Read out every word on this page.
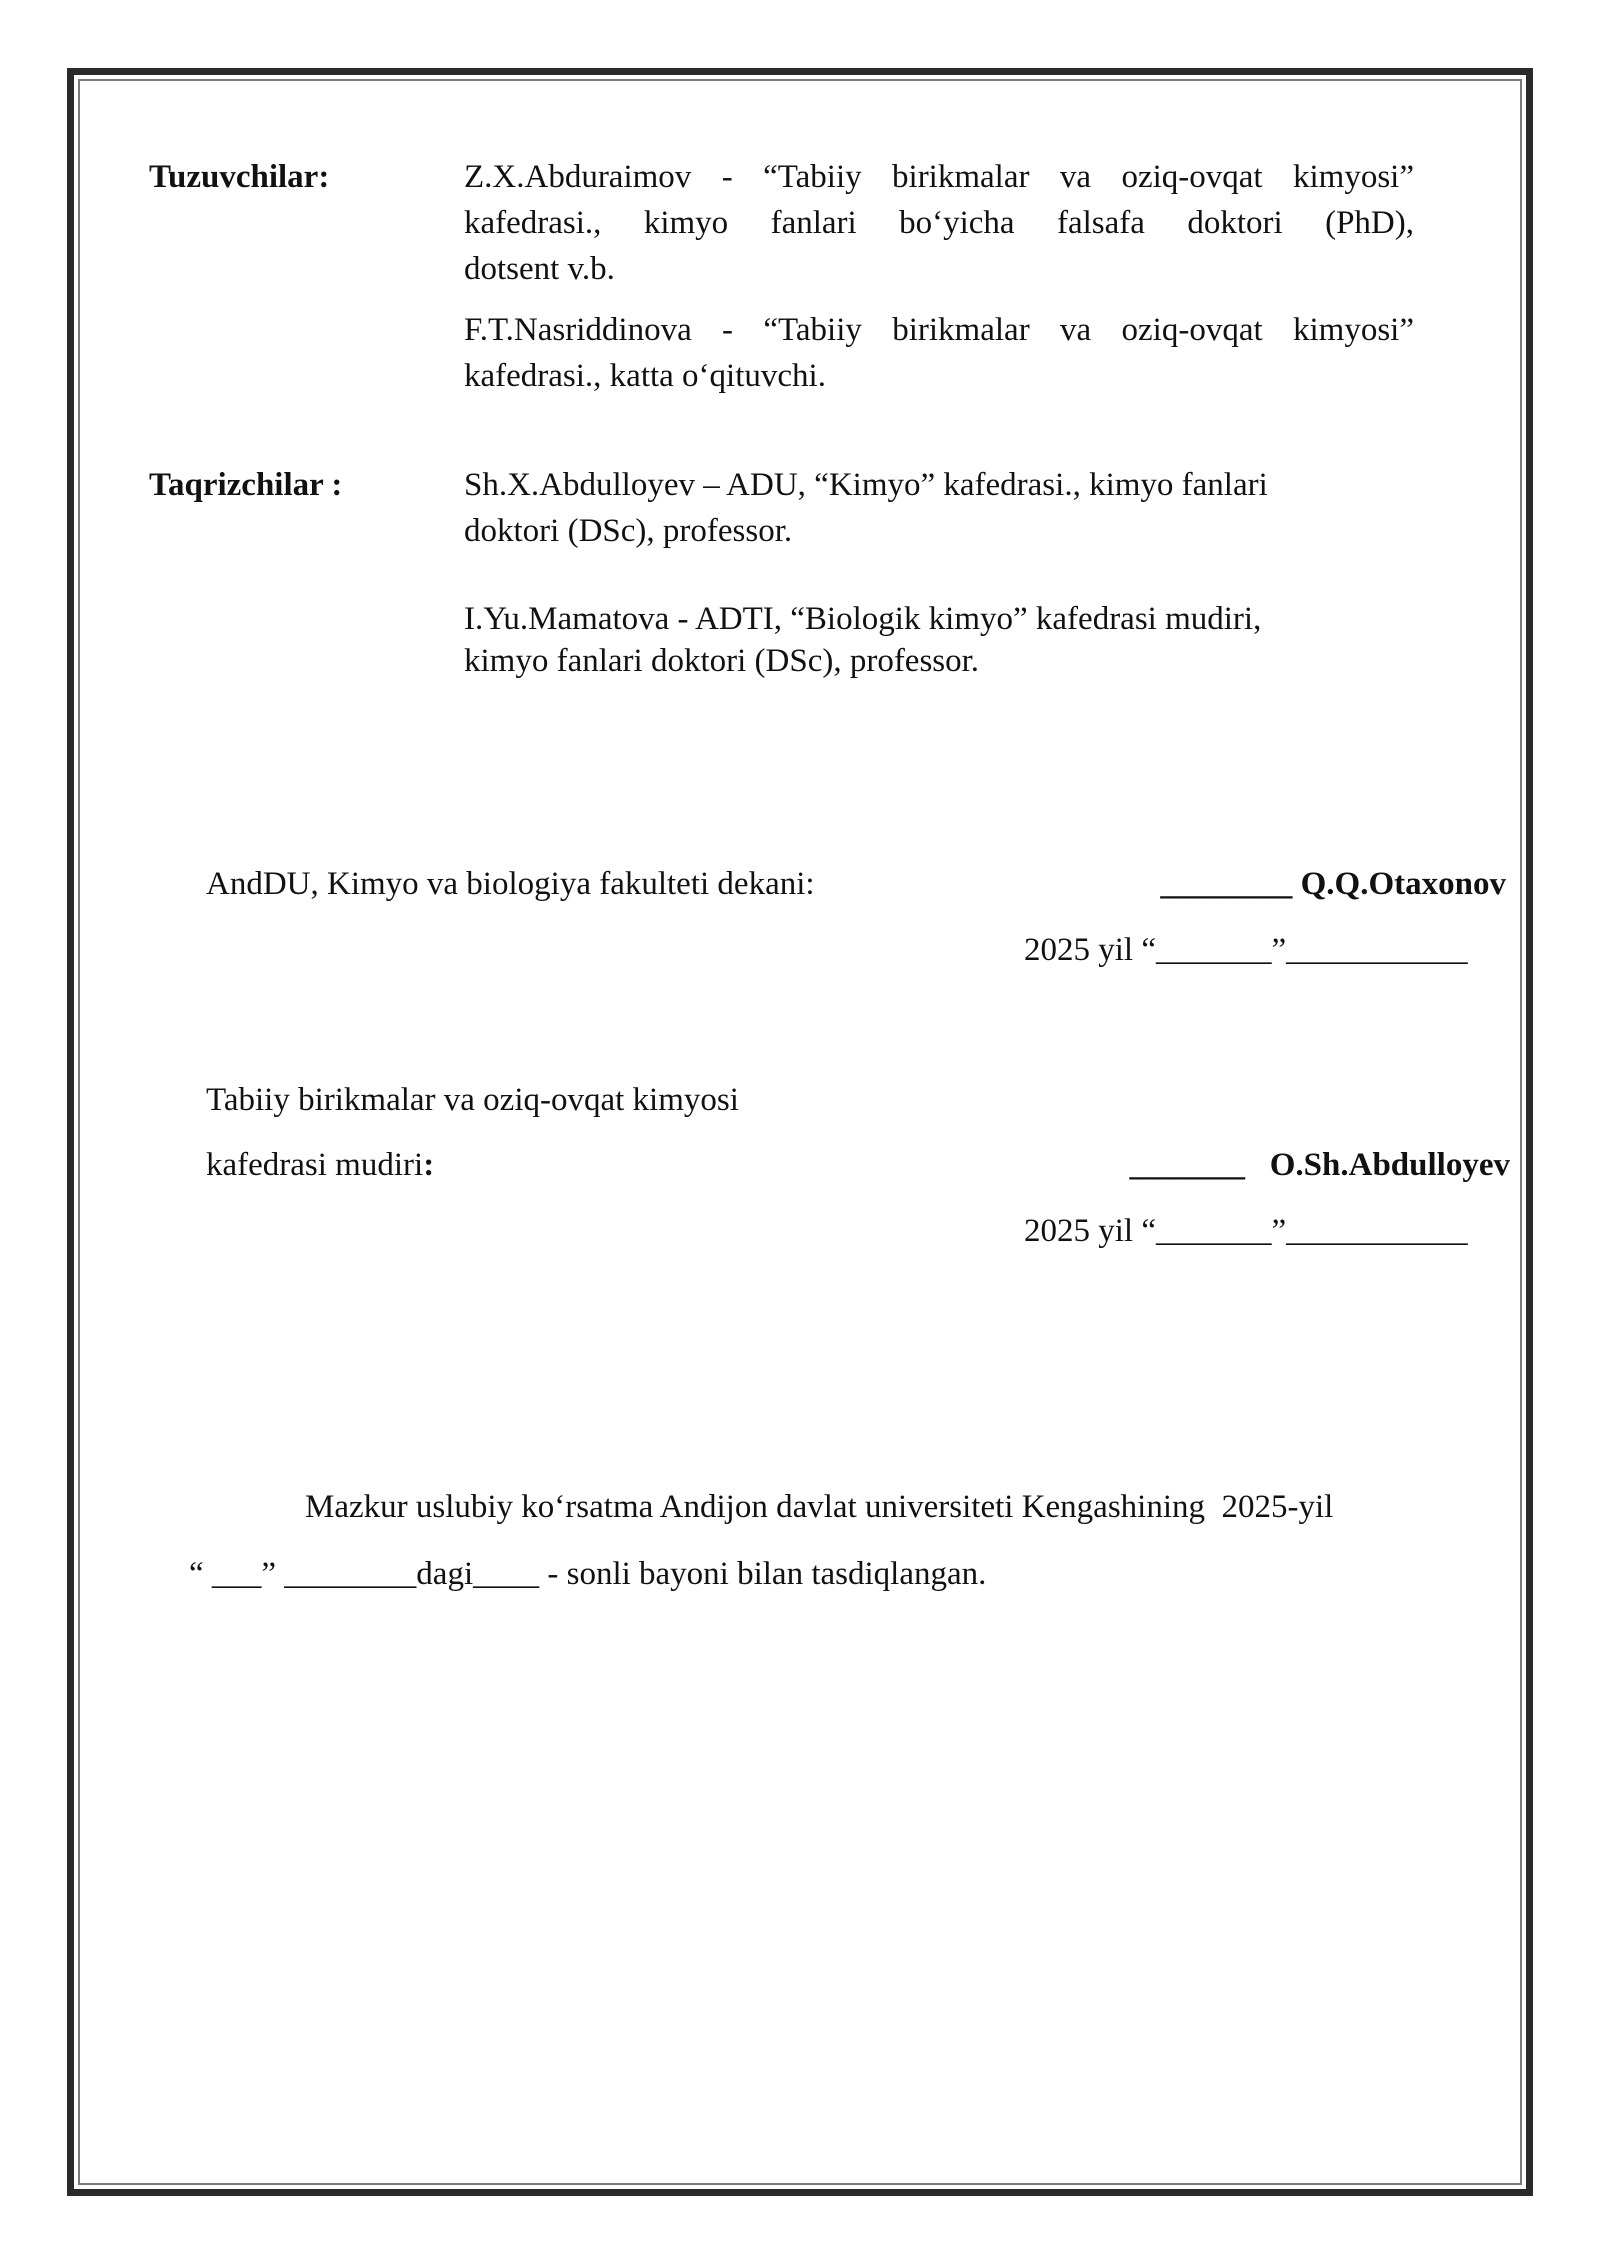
Tuzuvchilar:	Z.X.Abduraimov - “Tabiiy birikmalar va oziq-ovqat kimyosi”
kafedrasi., kimyo fanlari bo‘yicha falsafa doktori (PhD),
dotsent v.b.
F.T.Nasriddinova - “Tabiiy birikmalar va oziq-ovqat kimyosi”
kafedrasi., katta o‘qituvchi.
Taqrizchilar :	Sh.X.Abdulloyev – ADU, “Kimyo” kafedrasi., kimyo fanlari
doktori (DSc), professor.
I.Yu.Mamatova - ADTI, “Biologik kimyo” kafedrasi mudiri,
kimyo fanlari doktori (DSc), professor.
AndDU, Kimyo va biologiya fakulteti dekani:	________ Q.Q.Otaxonov
2025 yil “_______”___________
Tabiiy birikmalar va oziq-ovqat kimyosi
kafedrasi mudiri:	_______   O.Sh.Abdulloyev
2025 yil “_______”___________
Mazkur uslubiy ko‘rsatma Andijon davlat universiteti Kengashining  2025-yil
“ ___” ________dagi____ - sonli bayoni bilan tasdiqlangan.
